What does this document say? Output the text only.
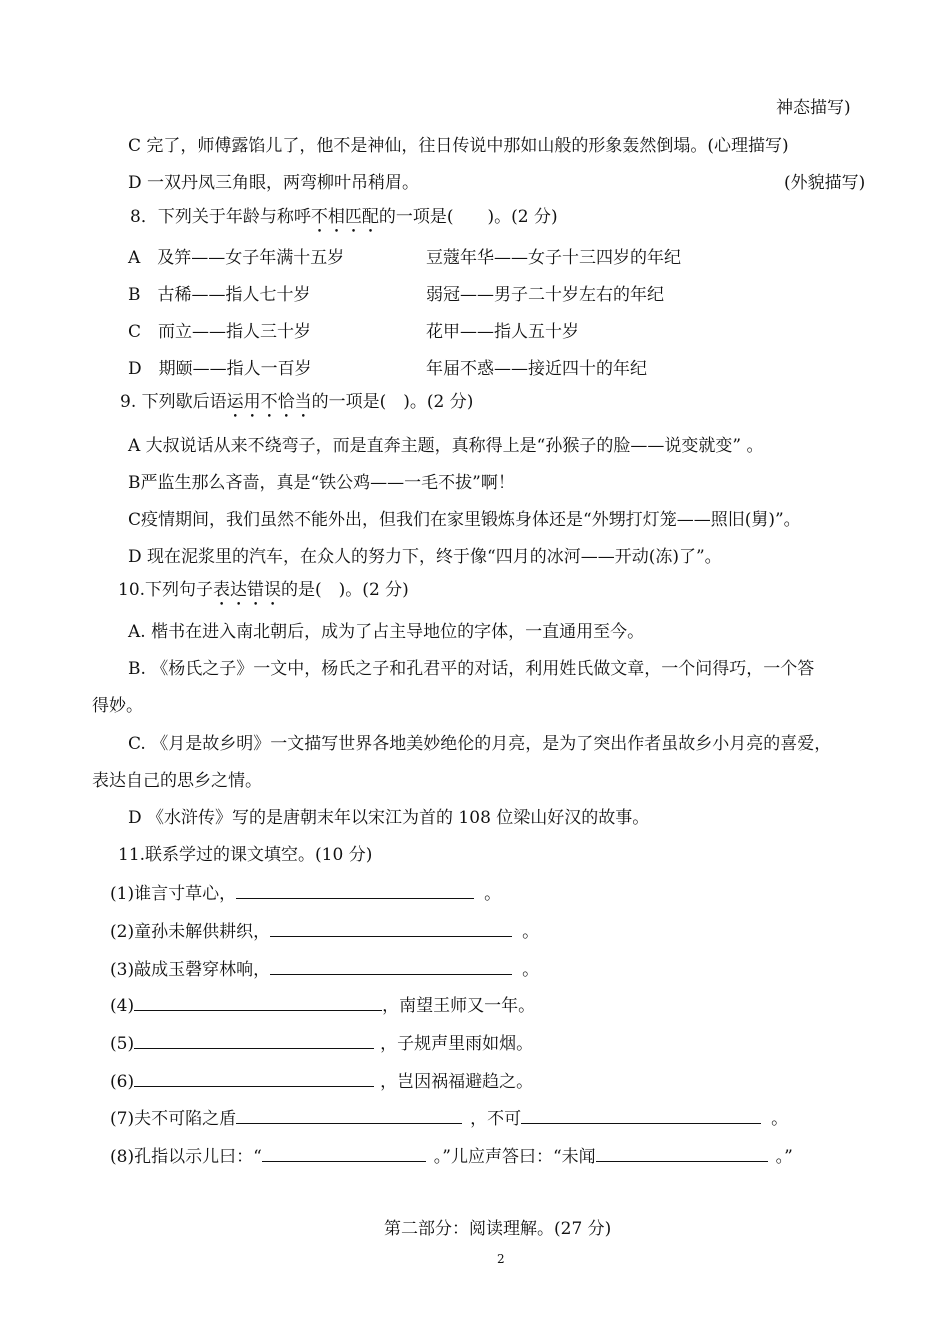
神态描写)
C 完了，师傅露馅儿了，他不是神仙，往日传说中那如山般的形象轰然倒塌。(心理描写)
D 一双丹凤三角眼，两弯柳叶吊稍眉。	(外貌描写)
8．下列关于年龄与称呼不相匹配的一项是(　　)。(2 分)
A　及笄——女子年满十五岁	豆蔻年华——女子十三四岁的年纪
B　古稀——指人七十岁	弱冠——男子二十岁左右的年纪
C　而立——指人三十岁	花甲——指人五十岁
D　期颐——指人一百岁	年届不惑——接近四十的年纪
9. 下列歇后语运用不恰当的一项是(　)。(2 分)
A 大叔说话从来不绕弯子，而是直奔主题，真称得上是“孙猴子的脸——说变就变” 。
B严监生那么吝啬，真是“铁公鸡——一毛不拔”啊！
C疫情期间，我们虽然不能外出，但我们在家里锻炼身体还是“外甥打灯笼——照旧(舅)”。
D 现在泥浆里的汽车，在众人的努力下，终于像“四月的冰河——开动(冻)了”。
10.下列句子表达错误的是(　)。(2 分)
A. 楷书在进入南北朝后，成为了占主导地位的字体，一直通用至今。
B. 《杨氏之子》一文中，杨氏之子和孔君平的对话，利用姓氏做文章，一个问得巧，一个答
得妙。
C. 《月是故乡明》一文描写世界各地美妙绝伦的月亮，是为了突出作者虽故乡小月亮的喜爱，
表达自己的思乡之情。
D 《水浒传》写的是唐朝末年以宋江为首的 108 位梁山好汉的故事。
11.联系学过的课文填空。(10 分)
(1)谁言寸草心，	。
(2)童孙未解供耕织，	。
(3)敲成玉磬穿林响，	。
(4)	，南望王师又一年。
(5)	，子规声里雨如烟。
(6)	，岂因祸福避趋之。
(7)夫不可陷之盾	，不可	。
(8)孔指以示儿曰：“	。”儿应声答曰：“未闻	。”
第二部分：阅读理解。(27 分)
2
